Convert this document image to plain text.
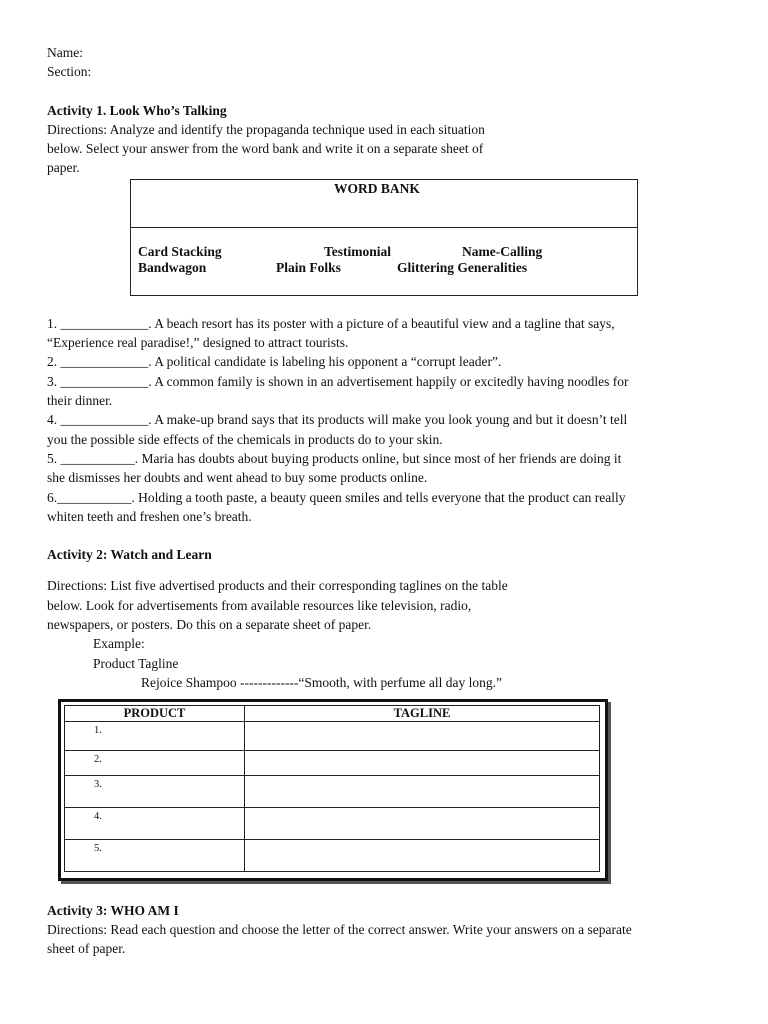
Name:
Section:
Activity 1. Look Who’s Talking
Directions: Analyze and identify the propaganda technique used in each situation
below. Select your answer from the word bank and write it on a separate sheet of
paper.
WORD BANK
Card Stacking	Testimonial	Name-Calling
Bandwagon	Plain Folks	Glittering Generalities
1. _____________. A beach resort has its poster with a picture of a beautiful view and a tagline that says,
“Experience real paradise!,” designed to attract tourists.
2. _____________. A political candidate is labeling his opponent a “corrupt leader”.
3. _____________. A common family is shown in an advertisement happily or excitedly having noodles for
their dinner.
4. _____________. A make-up brand says that its products will make you look young and but it doesn’t tell
you the possible side effects of the chemicals in products do to your skin.
5. ___________. Maria has doubts about buying products online, but since most of her friends are doing it
she dismisses her doubts and went ahead to buy some products online.
6.___________. Holding a tooth paste, a beauty queen smiles and tells everyone that the product can really
whiten teeth and freshen one’s breath.
Activity 2: Watch and Learn
Directions: List five advertised products and their corresponding taglines on the table
below. Look for advertisements from available resources like television, radio,
newspapers, or posters. Do this on a separate sheet of paper.
Example:
Product Tagline
Rejoice Shampoo -------------“Smooth, with perfume all day long.”
PRODUCT	TAGLINE

1.	

2.	

3.	

4.	

5.	

Activity 3: WHO AM I
Directions: Read each question and choose the letter of the correct answer. Write your answers on a separate
sheet of paper.
